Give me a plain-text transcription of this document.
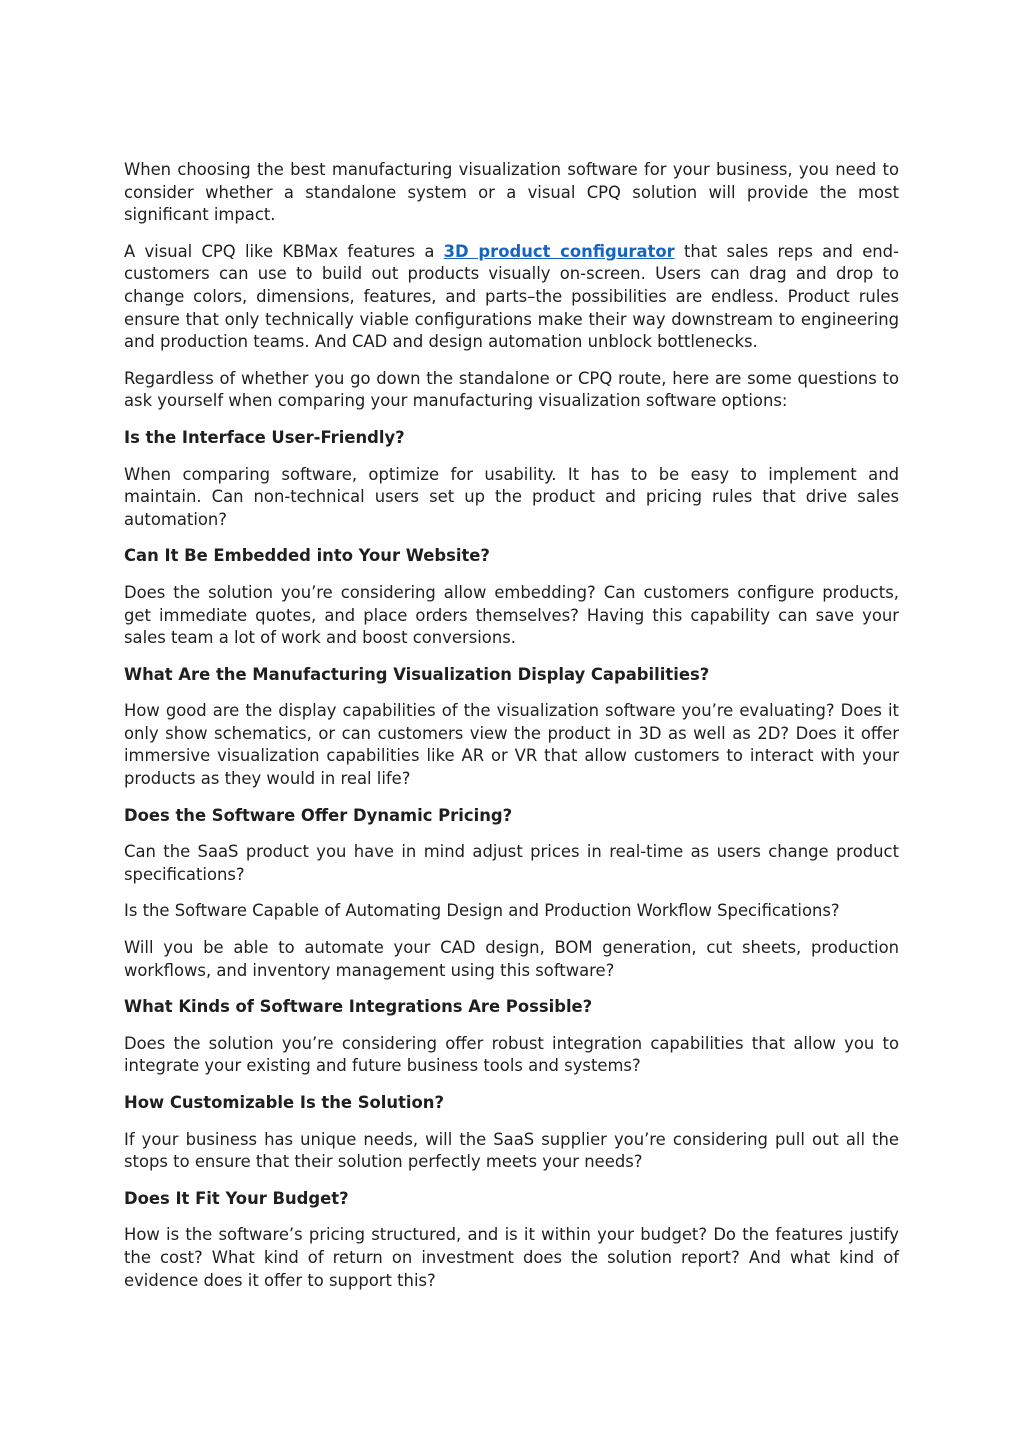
When choosing the best manufacturing visualization software for your business, you need to consider whether a standalone system or a visual CPQ solution will provide the most significant impact.

A visual CPQ like KBMax features a 3D product configurator that sales reps and end-customers can use to build out products visually on-screen. Users can drag and drop to change colors, dimensions, features, and parts–the possibilities are endless. Product rules ensure that only technically viable configurations make their way downstream to engineering and production teams. And CAD and design automation unblock bottlenecks.

Regardless of whether you go down the standalone or CPQ route, here are some questions to ask yourself when comparing your manufacturing visualization software options:

Is the Interface User-Friendly?

When comparing software, optimize for usability. It has to be easy to implement and maintain. Can non-technical users set up the product and pricing rules that drive sales automation?

Can It Be Embedded into Your Website?

Does the solution you’re considering allow embedding? Can customers configure products, get immediate quotes, and place orders themselves? Having this capability can save your sales team a lot of work and boost conversions.

What Are the Manufacturing Visualization Display Capabilities?

How good are the display capabilities of the visualization software you’re evaluating? Does it only show schematics, or can customers view the product in 3D as well as 2D? Does it offer immersive visualization capabilities like AR or VR that allow customers to interact with your products as they would in real life?

Does the Software Offer Dynamic Pricing?

Can the SaaS product you have in mind adjust prices in real-time as users change product specifications?

Is the Software Capable of Automating Design and Production Workflow Specifications?

Will you be able to automate your CAD design, BOM generation, cut sheets, production workflows, and inventory management using this software?

What Kinds of Software Integrations Are Possible?

Does the solution you’re considering offer robust integration capabilities that allow you to integrate your existing and future business tools and systems?

How Customizable Is the Solution?

If your business has unique needs, will the SaaS supplier you’re considering pull out all the stops to ensure that their solution perfectly meets your needs?

Does It Fit Your Budget?

How is the software’s pricing structured, and is it within your budget? Do the features justify the cost? What kind of return on investment does the solution report? And what kind of evidence does it offer to support this?
